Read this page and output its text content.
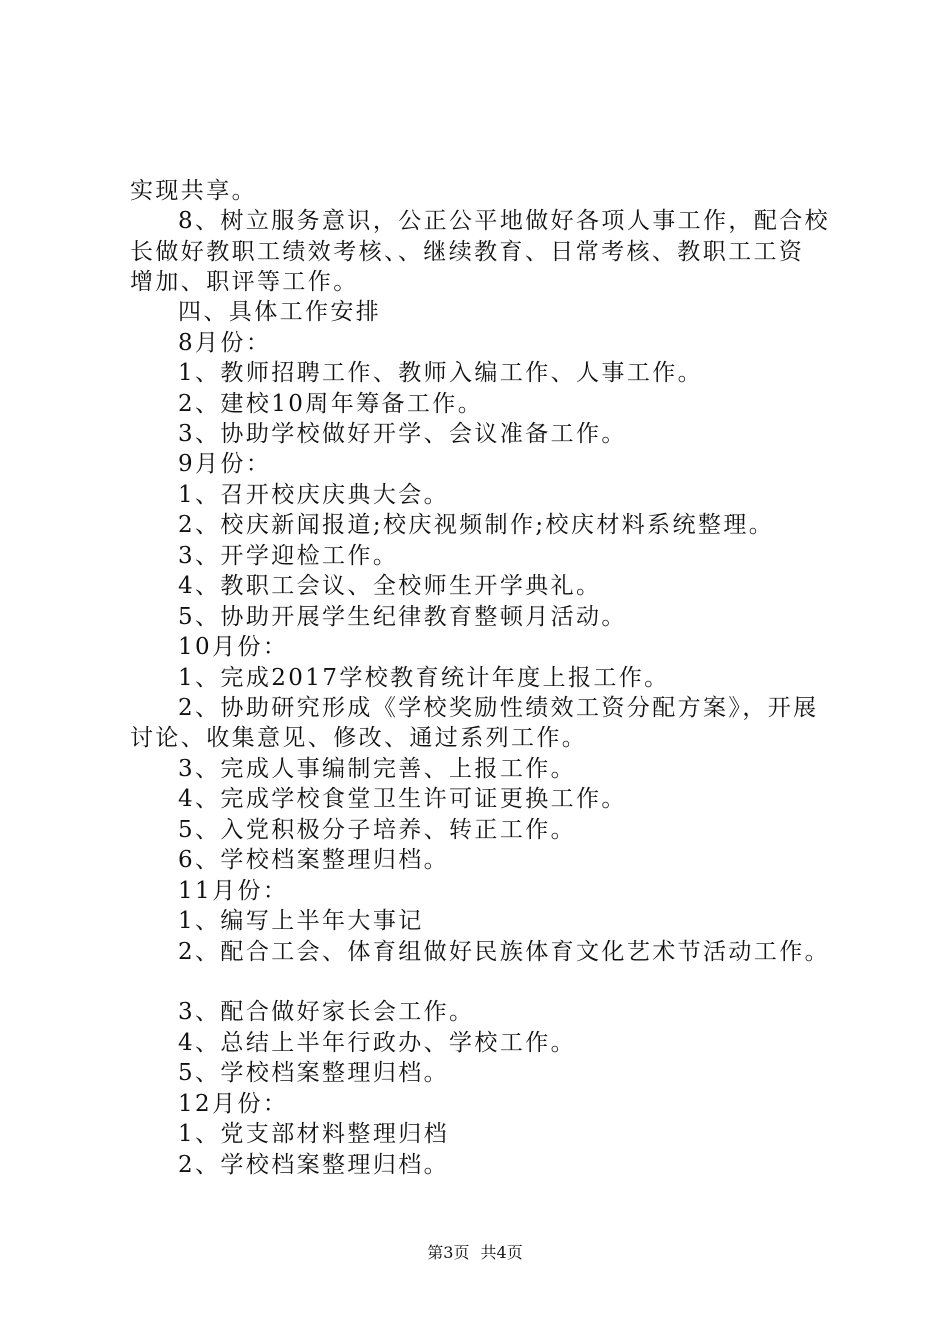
实现共享。
8、树立服务意识，公正公平地做好各项人事工作，配合校
长做好教职工绩效考核、、继续教育、日常考核、教职工工资
增加、职评等工作。
四、具体工作安排
8月份：
1、教师招聘工作、教师入编工作、人事工作。
2、建校10周年筹备工作。
3、协助学校做好开学、会议准备工作。
9月份：
1、召开校庆庆典大会。
2、校庆新闻报道;校庆视频制作;校庆材料系统整理。
3、开学迎检工作。
4、教职工会议、全校师生开学典礼。
5、协助开展学生纪律教育整顿月活动。
10月份：
1、完成2017学校教育统计年度上报工作。
2、协助研究形成《学校奖励性绩效工资分配方案》，开展
讨论、收集意见、修改、通过系列工作。
3、完成人事编制完善、上报工作。
4、完成学校食堂卫生许可证更换工作。
5、入党积极分子培养、转正工作。
6、学校档案整理归档。
11月份：
1、编写上半年大事记
2、配合工会、体育组做好民族体育文化艺术节活动工作。
3、配合做好家长会工作。
4、总结上半年行政办、学校工作。
5、学校档案整理归档。
12月份：
1、党支部材料整理归档
2、学校档案整理归档。
第3页 共4页
